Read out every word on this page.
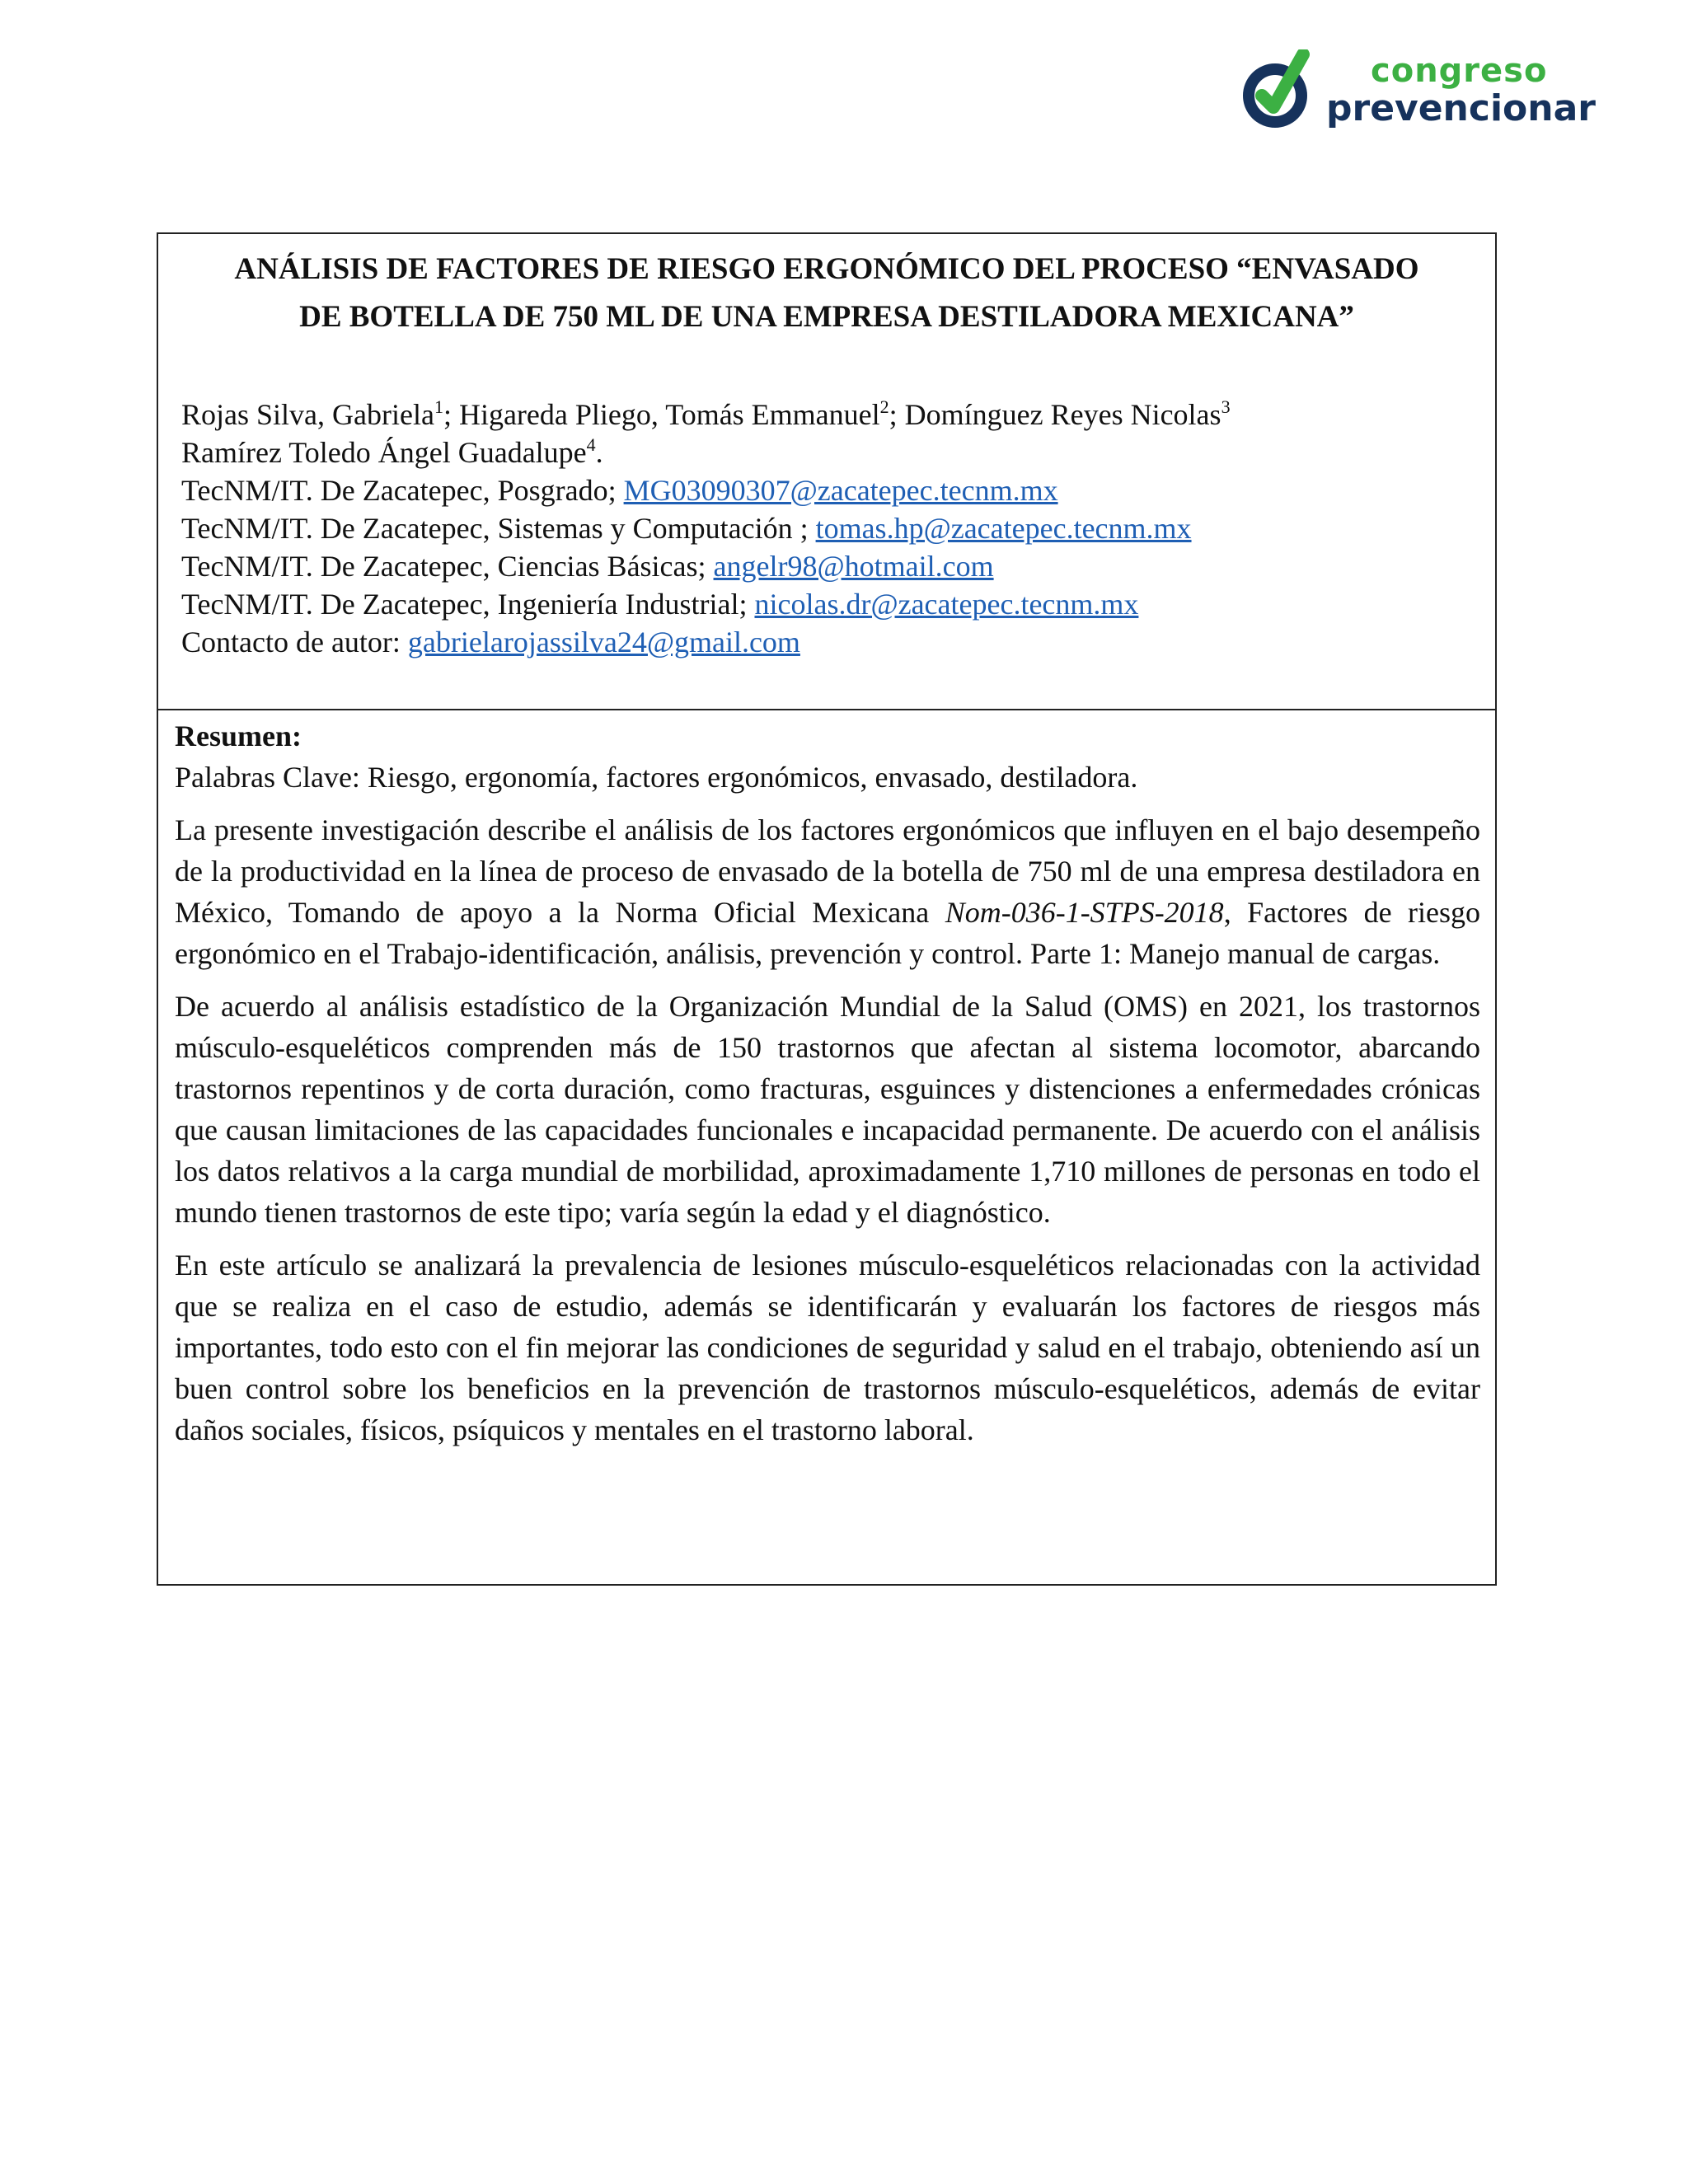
congreso
prevencionar
ANÁLISIS DE FACTORES DE RIESGO ERGONÓMICO DEL PROCESO “ENVASADO
DE BOTELLA DE 750 ML DE UNA EMPRESA DESTILADORA MEXICANA”
Rojas Silva, Gabriela$^1$; Higareda Pliego, Tomás Emmanuel$^2$; Domínguez Reyes Nicolas$^3$
Ramírez Toledo Ángel Guadalupe$^4$.
TecNM/IT. De Zacatepec, Posgrado; MG03090307@zacatepec.tecnm.mx
TecNM/IT. De Zacatepec, Sistemas y Computación ; tomas.hp@zacatepec.tecnm.mx
TecNM/IT. De Zacatepec, Ciencias Básicas; angelr98@hotmail.com
TecNM/IT. De Zacatepec, Ingeniería Industrial; nicolas.dr@zacatepec.tecnm.mx
Contacto de autor: gabrielarojassilva24@gmail.com

Resumen:

Palabras Clave: Riesgo, ergonomía, factores ergonómicos, envasado, destiladora.

La presente investigación describe el análisis de los factores ergonómicos que influyen en el bajo desempeño de la productividad en la línea de proceso de envasado de la botella de 750 ml de una empresa destiladora en México, Tomando de apoyo a la Norma Oficial Mexicana Nom-036-1-STPS-2018, Factores de riesgo ergonómico en el Trabajo-identificación, análisis, prevención y control. Parte 1: Manejo manual de cargas.

De acuerdo al análisis estadístico de la Organización Mundial de la Salud (OMS) en 2021, los trastornos músculo-esqueléticos comprenden más de 150 trastornos que afectan al sistema locomotor, abarcando trastornos repentinos y de corta duración, como fracturas, esguinces y distenciones a enfermedades crónicas que causan limitaciones de las capacidades funcionales e incapacidad permanente. De acuerdo con el análisis los datos relativos a la carga mundial de morbilidad, aproximadamente 1,710 millones de personas en todo el mundo tienen trastornos de este tipo; varía según la edad y el diagnóstico.

En este artículo se analizará la prevalencia de lesiones músculo-esqueléticos relacionadas con la actividad que se realiza en el caso de estudio, además se identificarán y evaluarán los factores de riesgos más importantes, todo esto con el fin mejorar las condiciones de seguridad y salud en el trabajo, obteniendo así un buen control sobre los beneficios en la prevención de trastornos músculo-esqueléticos, además de evitar daños sociales, físicos, psíquicos y mentales en el trastorno laboral.
